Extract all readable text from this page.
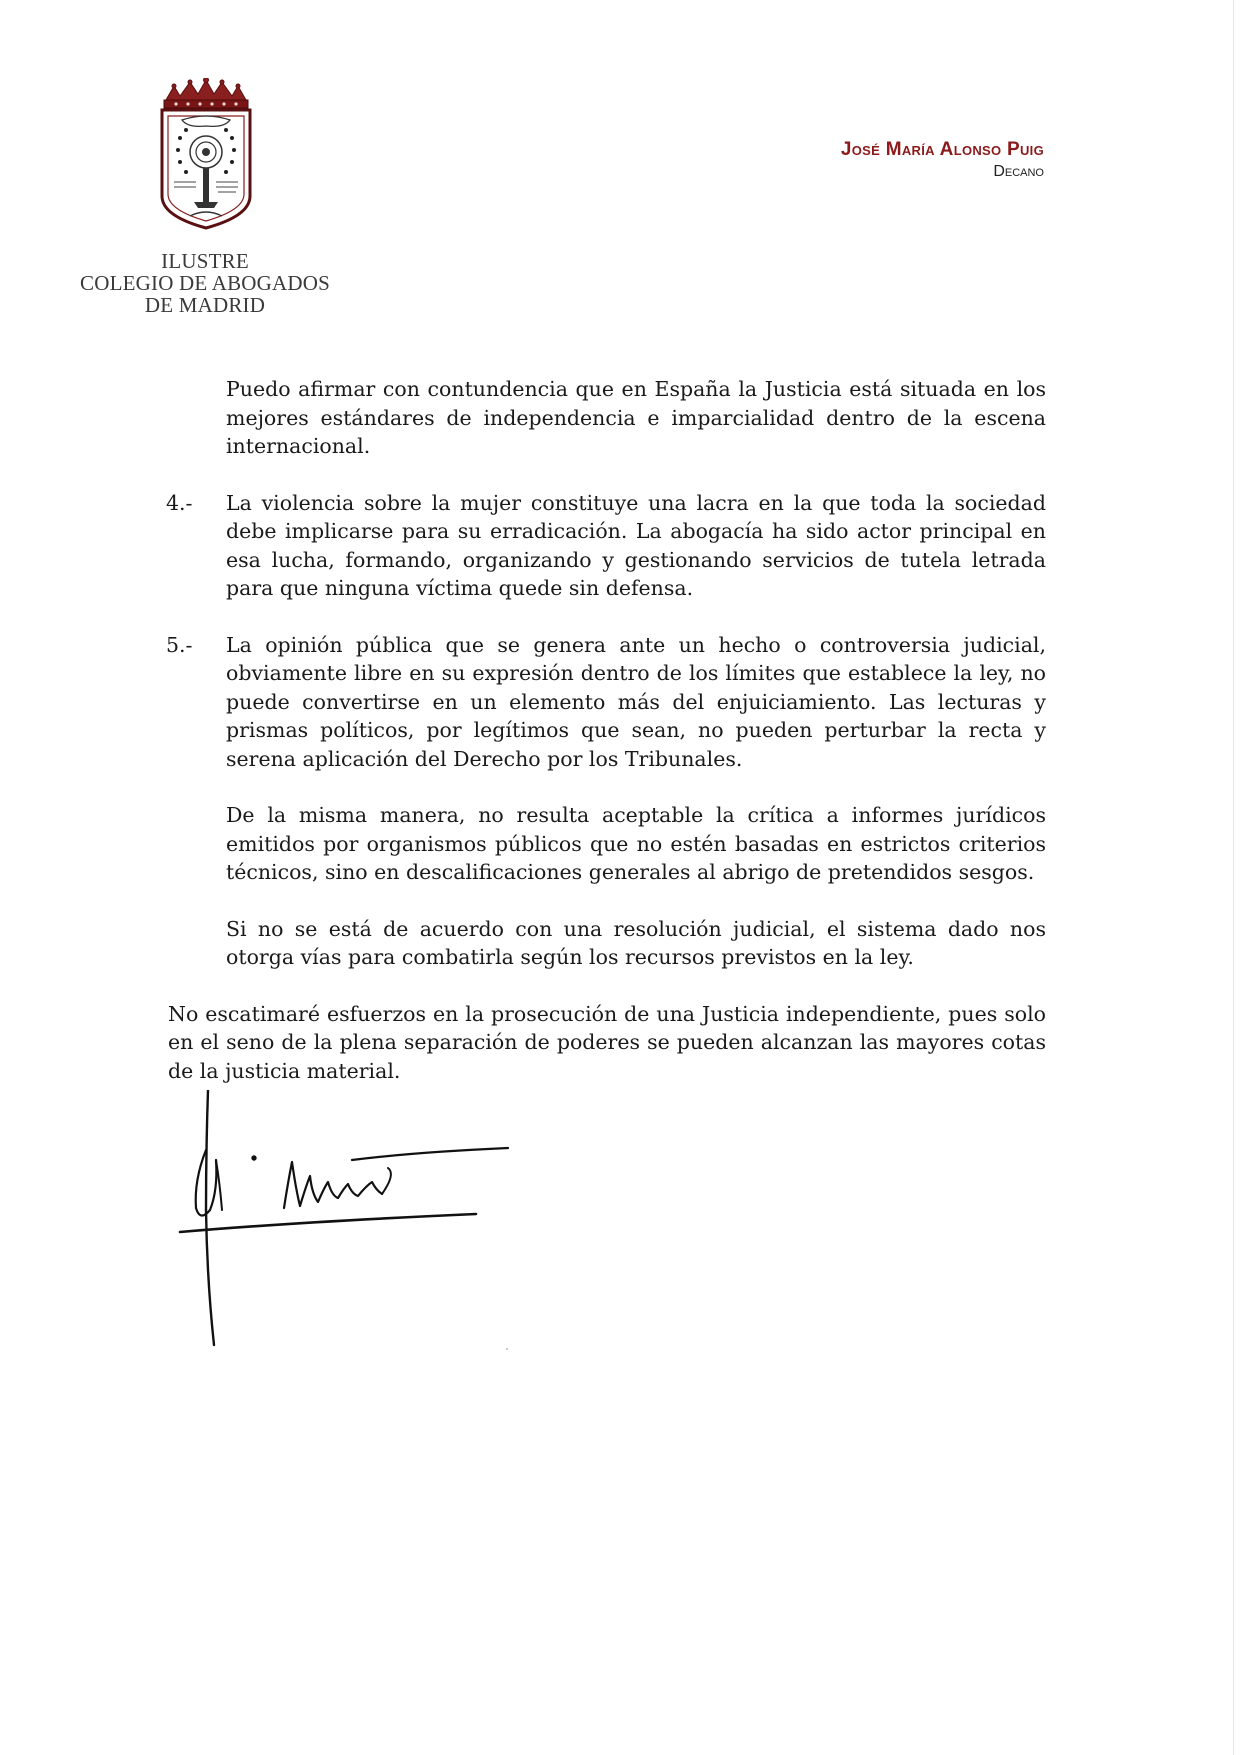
ILUSTRE
COLEGIO DE ABOGADOS
DE MADRID
José María Alonso Puig
Decano

Puedo afirmar con contundencia que en España la Justicia está situada en los mejores estándares de independencia e imparcialidad dentro de la escena internacional.

4.- La violencia sobre la mujer constituye una lacra en la que toda la sociedad debe implicarse para su erradicación. La abogacía ha sido actor principal en esa lucha, formando, organizando y gestionando servicios de tutela letrada para que ninguna víctima quede sin defensa.
5.- La opinión pública que se genera ante un hecho o controversia judicial, obviamente libre en su expresión dentro de los límites que establece la ley, no puede convertirse en un elemento más del enjuiciamiento. Las lecturas y prismas políticos, por legítimos que sean, no pueden perturbar la recta y serena aplicación del Derecho por los Tribunales.

De la misma manera, no resulta aceptable la crítica a informes jurídicos emitidos por organismos públicos que no estén basadas en estrictos criterios técnicos, sino en descalificaciones generales al abrigo de pretendidos sesgos.

Si no se está de acuerdo con una resolución judicial, el sistema dado nos otorga vías para combatirla según los recursos previstos en la ley.

No escatimaré esfuerzos en la prosecución de una Justicia independiente, pues solo en el seno de la plena separación de poderes se pueden alcanzan las mayores cotas de la justicia material.
